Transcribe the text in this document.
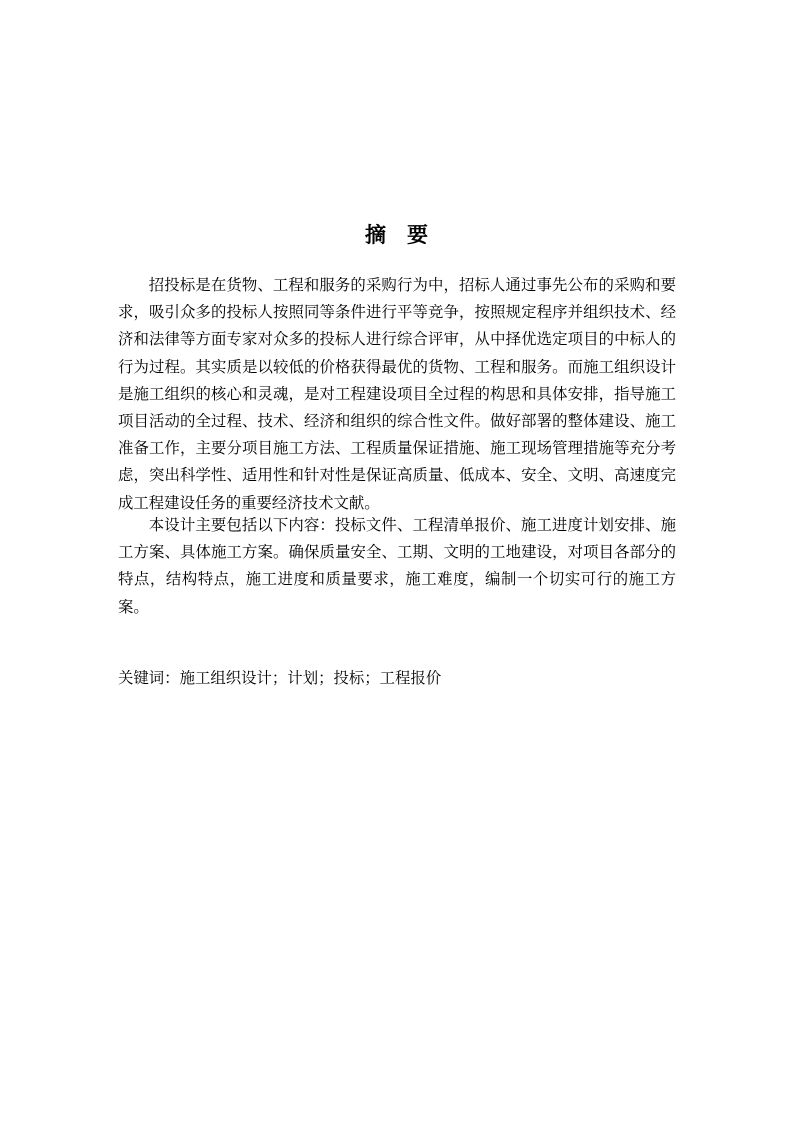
摘　要

招投标是在货物、工程和服务的采购行为中，招标人通过事先公布的采购和要求，吸引众多的投标人按照同等条件进行平等竞争，按照规定程序并组织技术、经济和法律等方面专家对众多的投标人进行综合评审，从中择优选定项目的中标人的行为过程。其实质是以较低的价格获得最优的货物、工程和服务。而施工组织设计是施工组织的核心和灵魂，是对工程建设项目全过程的构思和具体安排，指导施工项目活动的全过程、技术、经济和组织的综合性文件。做好部署的整体建设、施工准备工作，主要分项目施工方法、工程质量保证措施、施工现场管理措施等充分考虑，突出科学性、适用性和针对性是保证高质量、低成本、安全、文明、高速度完成工程建设任务的重要经济技术文献。

本设计主要包括以下内容：投标文件、工程清单报价、施工进度计划安排、施工方案、具体施工方案。确保质量安全、工期、文明的工地建设，对项目各部分的特点，结构特点，施工进度和质量要求，施工难度，编制一个切实可行的施工方案。

关键词：施工组织设计；计划；投标；工程报价
